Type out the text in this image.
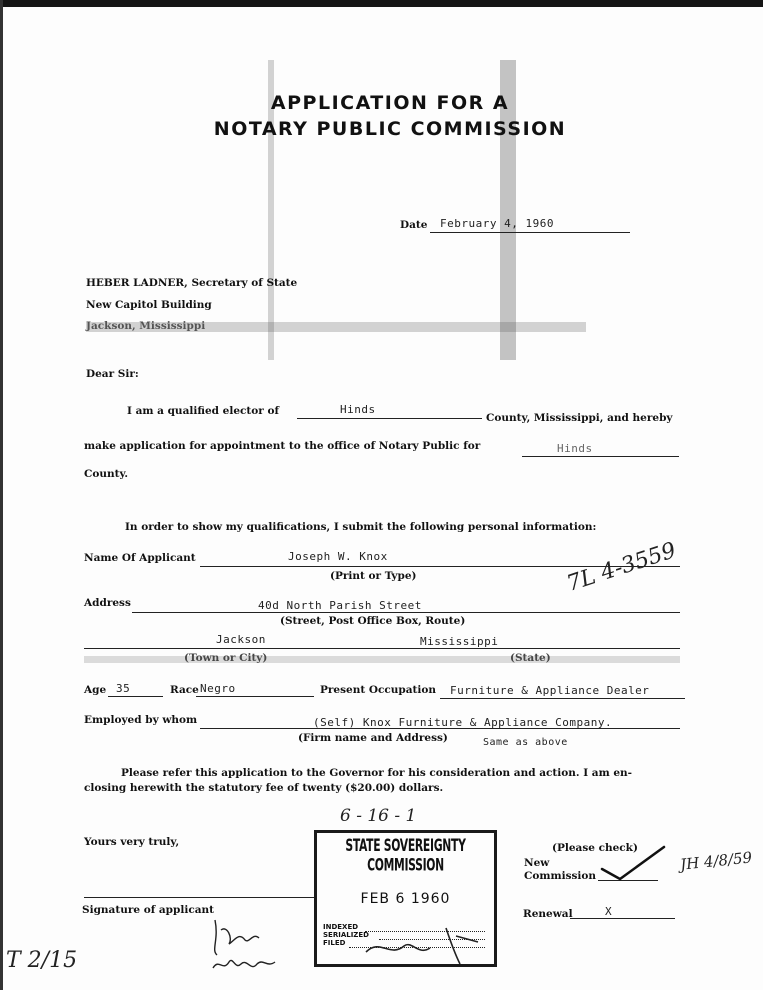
APPLICATION FOR A
NOTARY PUBLIC COMMISSION
Date February 4, 1960
HEBER LADNER, Secretary of State
New Capitol Building
Jackson, Mississippi
Dear Sir:
I am a qualified elector of	Hinds
County, Mississippi, and hereby
make application for appointment to the office of Notary Public for	Hinds
County.
In order to show my qualifications, I submit the following personal information:
Name Of Applicant	Joseph W. Knox
(Print or Type)
Address	40d North Parish Street
(Street, Post Office Box, Route)
Jackson	Mississippi
(Town or City)	(State)
Age 35	Race Negro	Present Occupation Furniture & Appliance Dealer
Employed by whom	(Self) Knox Furniture & Appliance Company.
(Firm name and Address)	Same as above
Please refer this application to the Governor for his consideration and action. I am en-
closing herewith the statutory fee of twenty ($20.00) dollars.
Yours very truly,
Signature of applicant
(Please check)
New
Commission
Renewal	X
STATE SOVEREIGNTY COMMISSION
FEB 6 1960
INDEXED
SERIALIZED
FILED
7L 4-3559
6 - 16 - 1
T 2/15
JH 4/8/59
